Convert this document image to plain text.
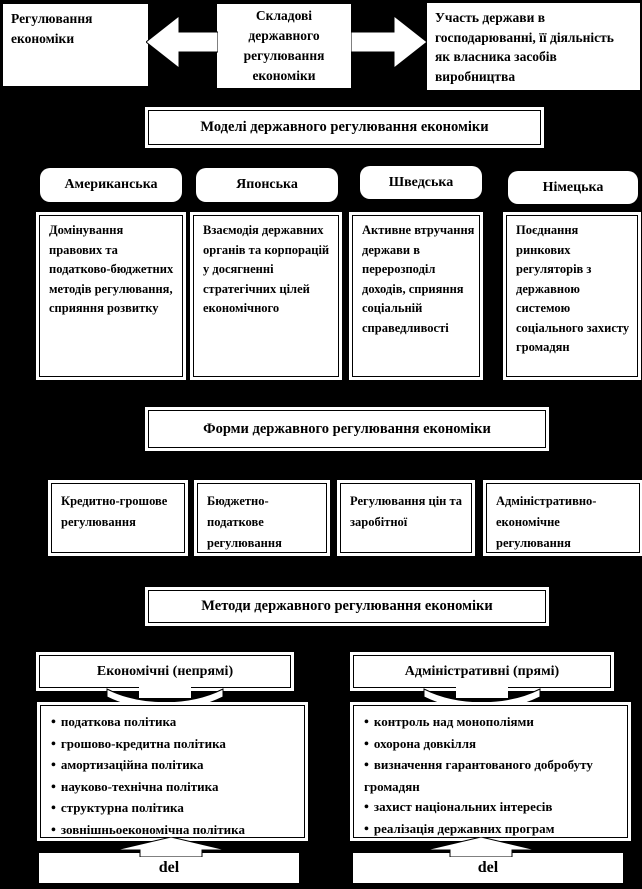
Регулювання економіки
Складові державного регулювання економіки
Участь держави в господарюванні, її діяльність як власника засобів виробництва
Моделі державного регулювання економіки
Американська	Японська	Шведська	Німецька
Домінування правових та податково-бюджетних методів регулювання, сприяння розвитку
Взаємодія державних органів та корпорацій у досягненні стратегічних цілей економічного
Активне втручання держави в перерозподіл доходів, сприяння соціальній справедливості
Поєднання ринкових регуляторів з державною системою соціального захисту громадян
Форми державного регулювання економіки
Кредитно-грошове регулювання
Бюджетно-податкове регулювання
Регулювання цін та заробітної
Адміністративно-економічне регулювання
Методи державного регулювання економіки
Економічні (непрямі)	Адміністративні (прямі)
• податкова політика
• грошово-кредитна політика
• амортизаційна політика
• науково-технічна політика
• структурна політика
• зовнішньоекономічна політика
• контроль над монополіями
• охорона довкілля
• визначення гарантованого добробуту громадян
• захист національних інтересів
• реалізація державних програм
del	del
